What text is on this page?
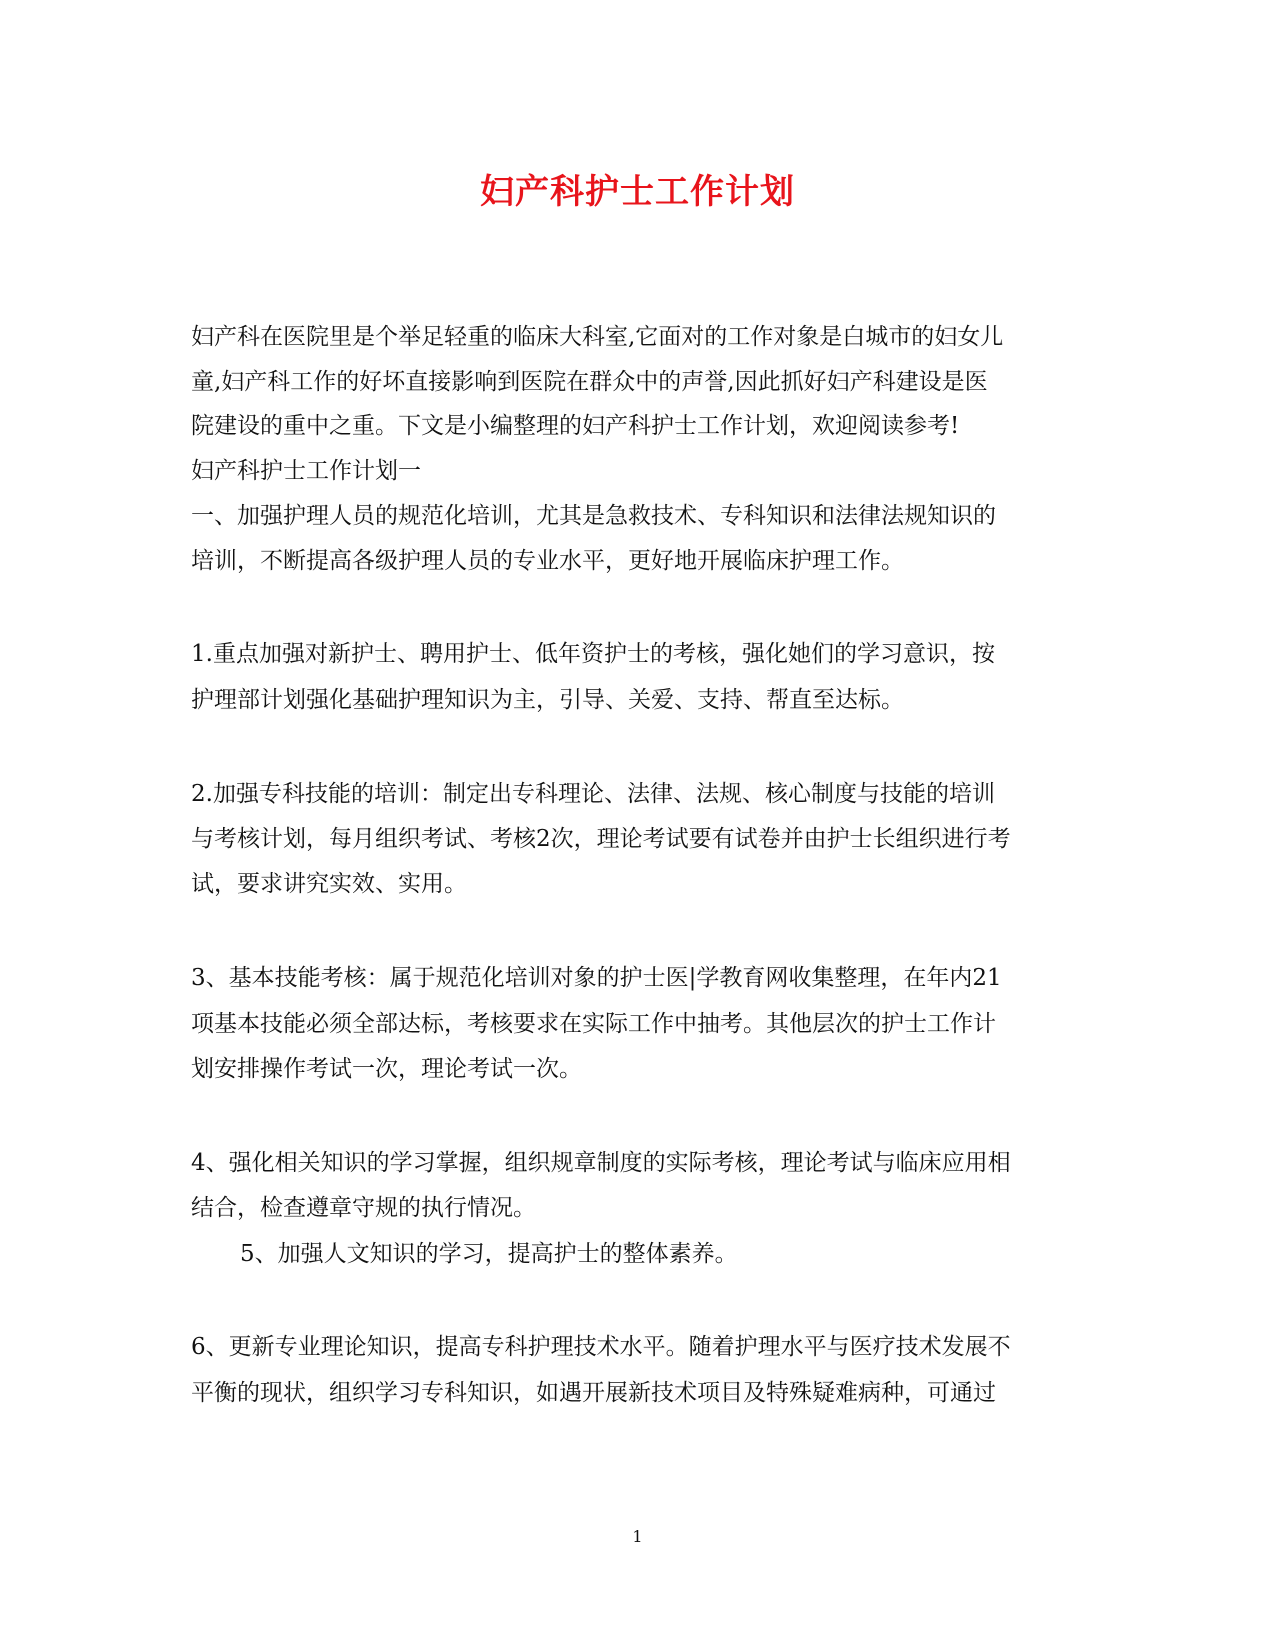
妇产科护士工作计划
妇产科在医院里是个举足轻重的临床大科室,它面对的工作对象是白城市的妇女儿
童,妇产科工作的好坏直接影响到医院在群众中的声誉,因此抓好妇产科建设是医
院建设的重中之重。下文是小编整理的妇产科护士工作计划，欢迎阅读参考!
妇产科护士工作计划一
一、加强护理人员的规范化培训，尤其是急救技术、专科知识和法律法规知识的
培训，不断提高各级护理人员的专业水平，更好地开展临床护理工作。
1.重点加强对新护士、聘用护士、低年资护士的考核，强化她们的学习意识，按
护理部计划强化基础护理知识为主，引导、关爱、支持、帮直至达标。
2.加强专科技能的培训：制定出专科理论、法律、法规、核心制度与技能的培训
与考核计划，每月组织考试、考核2次，理论考试要有试卷并由护士长组织进行考
试，要求讲究实效、实用。
3、基本技能考核：属于规范化培训对象的护士医|学教育网收集整理，在年内21
项基本技能必须全部达标，考核要求在实际工作中抽考。其他层次的护士工作计
划安排操作考试一次，理论考试一次。
4、强化相关知识的学习掌握，组织规章制度的实际考核，理论考试与临床应用相
结合，检查遵章守规的执行情况。
5、加强人文知识的学习，提高护士的整体素养。
6、更新专业理论知识，提高专科护理技术水平。随着护理水平与医疗技术发展不
平衡的现状，组织学习专科知识，如遇开展新技术项目及特殊疑难病种，可通过
1
